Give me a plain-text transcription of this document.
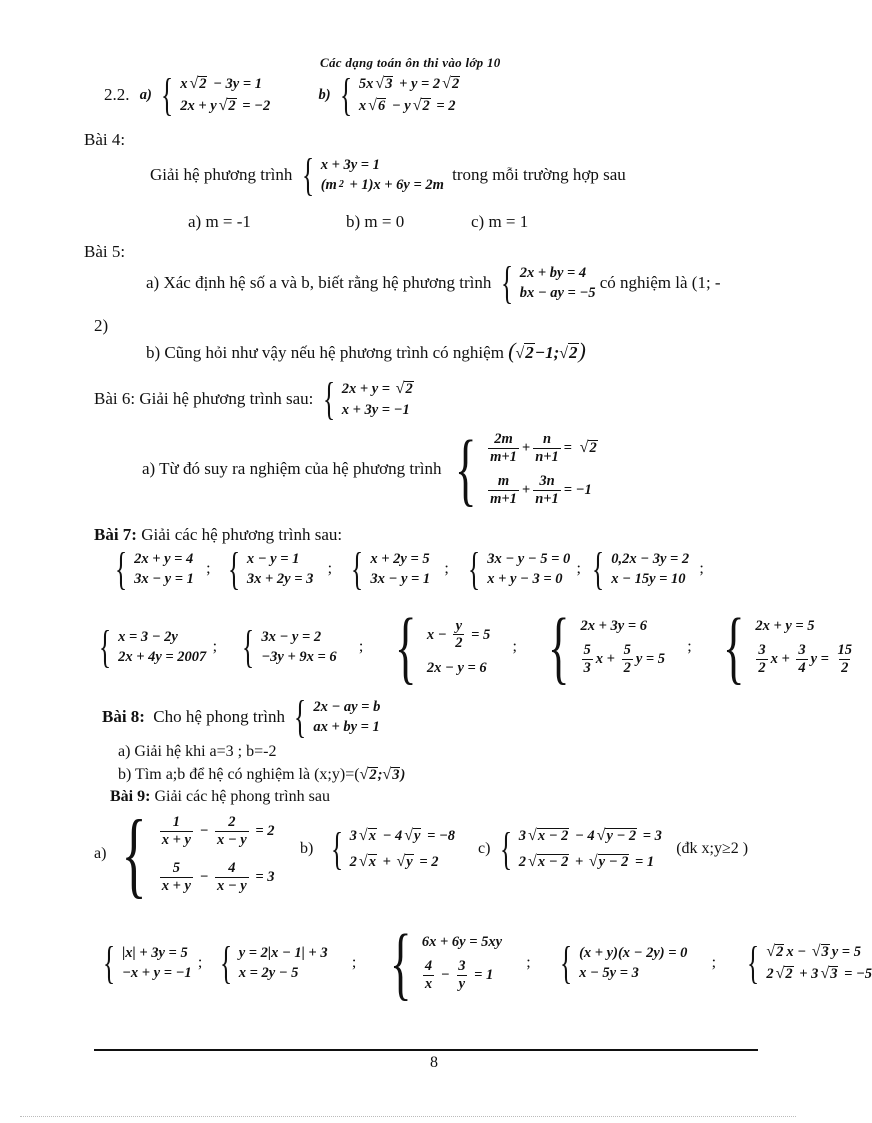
Các dạng toán ôn thi vào lớp 10
2.2. a) { x √ 2 − 3y = 1
2x + y √ 2 = −2
b) { 5x √ 3 + y = 2 √ 2
x √ 6 − y √ 2 = 2
Bài 4:
Giải hệ phương trình { x + 3y = 1
(m 2 + 1)x + 6y = 2m
trong mỗi trường hợp sau
a) m = -1	b) m = 0	c) m = 1
Bài 5:
a) Xác định hệ số a và b, biết rằng hệ phương trình { 2x + by = 4
bx − ay = −5
có nghiệm là (1; -
2)
b) Cũng hỏi như vậy nếu hệ phương trình có nghiệm ( √ 2 −1; √ 2 )
Bài 6: Giải hệ phương trình sau: { 2x + y = √ 2
x + 3y = −1
a) Từ đó suy ra nghiệm của hệ phương trình { $\frac{2m}{m+1} + \frac{n}{n+1}$ =
√ 2
$\frac{m}{m+1} + \frac{3n}{n+1} = -1$
Bài 7: Giải các hệ phương trình sau:
{ 2x + y = 4
3x − y = 1
; { x − y = 1
3x + 2y = 3
; { x + 2y = 5
3x − y = 1
; { 3x − y − 5 = 0
x + y − 3 = 0
; { 0,2x − 3y = 2
x − 15y = 10
;
{ x = 3 − 2y
2x + 4y = 2007
; { 3x − y = 2
−3y + 9x = 6
; { $x - \frac{y}{2} = 5$
2x − y = 6
; { 2x + 3y = 6
$\frac{5}{3}$ $x + \frac{5}{2}$ y = 5
; { 2x + y = 5
$\frac{3}{2}$ $x + \frac{3}{4}$ $y = \frac{15}{2}$
Bài 8: Cho hệ phong trình { 2x − ay = b
ax + by = 1
a) Giải hệ khi a=3 ; b=-2
b) Tìm a;b để hệ có nghiệm là (x;y)=( √ 2 ; √ 3 )
Bài 9: Giải các hệ phong trình sau
a) { $\frac{1}{x + y} - \frac{2}{x - y} = 2$
$\frac{5}{x + y} - \frac{4}{x - y} = 3$
b) { 3 √ x − 4 √ y = −8
2 √ x + √ y = 2
c) { 3 √ x − 2 − 4 √ y − 2 = 3
2 √ x − 2 + √ y − 2 = 1
(đk x;y≥2 )
{ |x| + 3y = 5
−x + y = −1
; { y = 2|x − 1| + 3
x = 2y − 5
; { 6x + 6y = 5xy
$\frac{4}{x} - \frac{3}{y} = 1$
; { (x + y)(x − 2y) = 0
x − 5y = 3
; { √ 2 x − √ 3 y = 5
2 √ 2 + 3 √ 3 = −5
8
